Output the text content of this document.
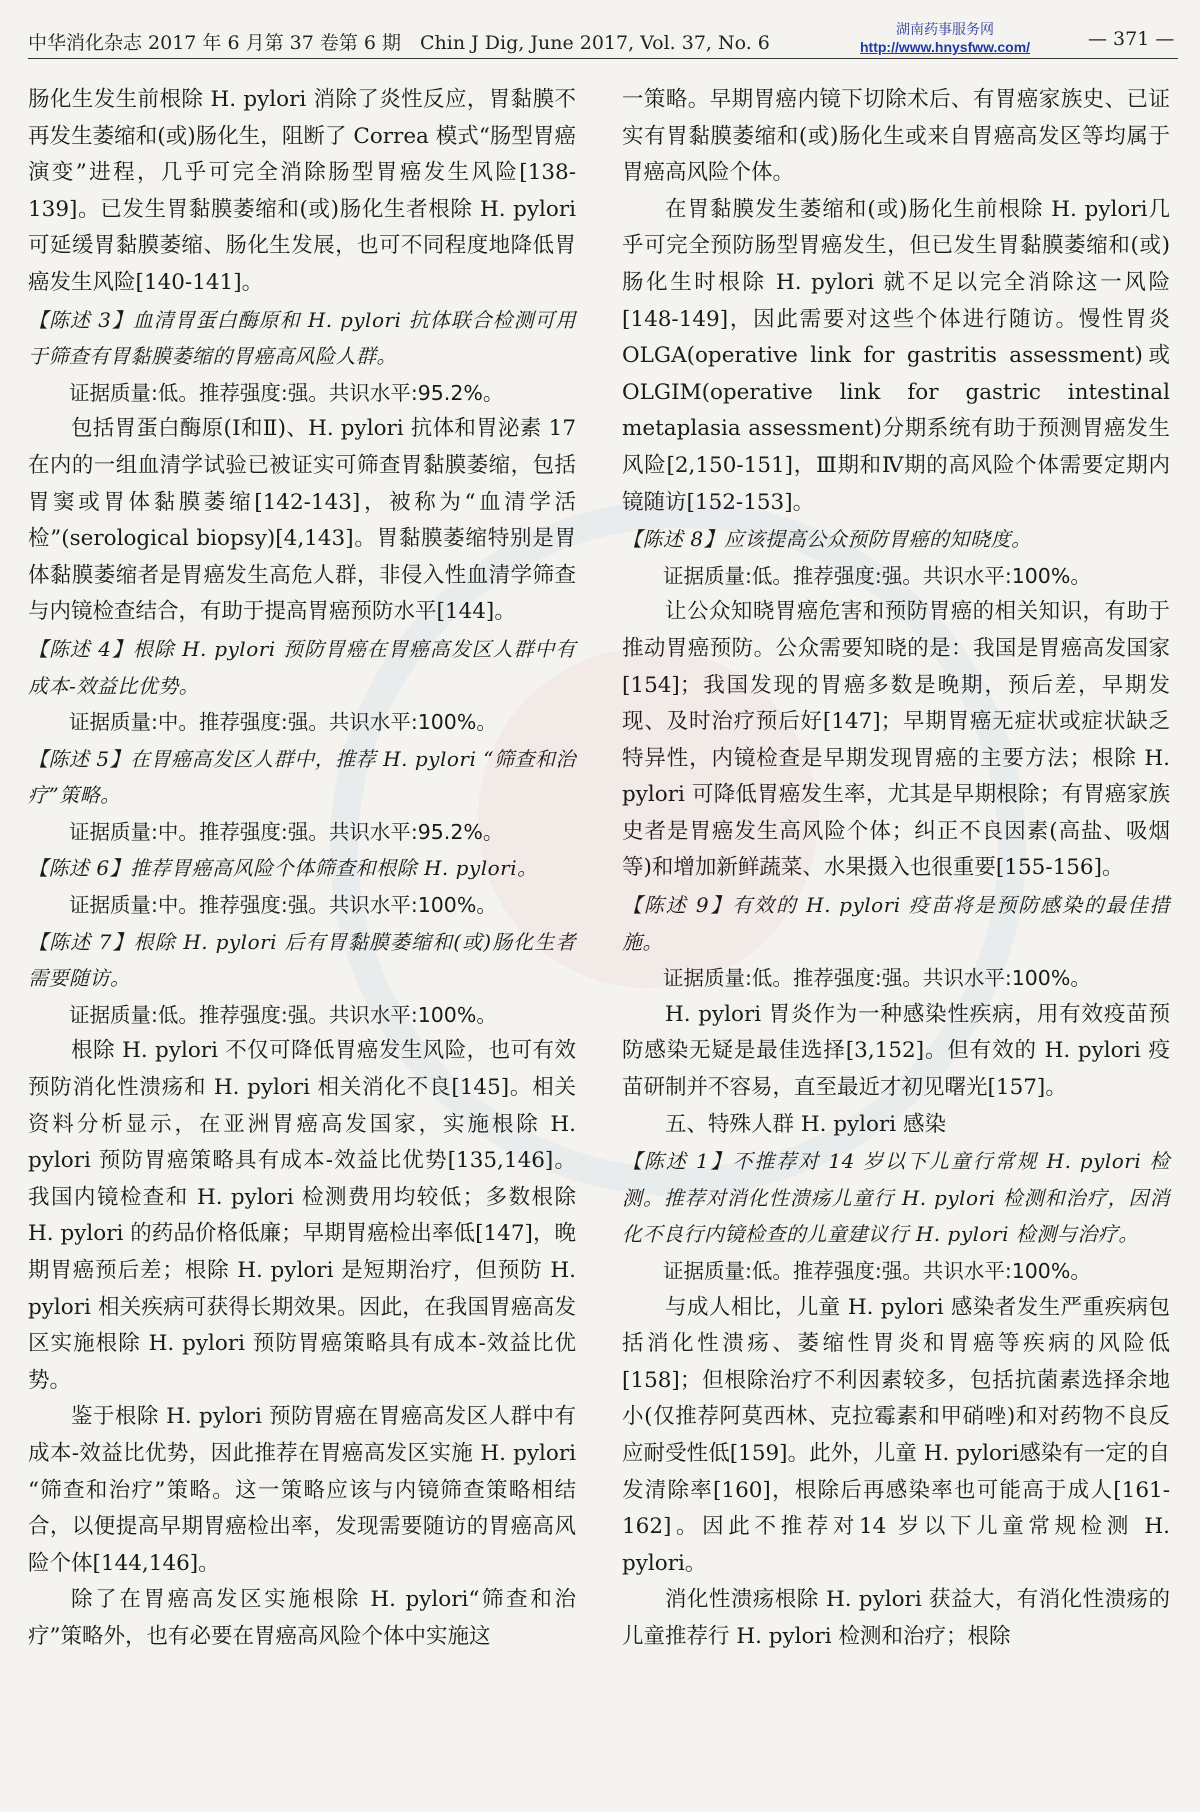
中华消化杂志 2017 年 6 月第 37 卷第 6 期　Chin J Dig, June 2017, Vol. 37, No. 6
湖南药事服务网
http://www.hnysfww.com/	— 371 —

肠化生发生前根除 H. pylori 消除了炎性反应，胃黏膜不再发生萎缩和(或)肠化生，阻断了 Correa 模式“肠型胃癌演变”进程，几乎可完全消除肠型胃癌发生风险[138-139]。已发生胃黏膜萎缩和(或)肠化生者根除 H. pylori 可延缓胃黏膜萎缩、肠化生发展，也可不同程度地降低胃癌发生风险[140-141]。

【陈述 3】血清胃蛋白酶原和 H. pylori 抗体联合检测可用于筛查有胃黏膜萎缩的胃癌高风险人群。

证据质量:低。推荐强度:强。共识水平:95.2%。

包括胃蛋白酶原(Ⅰ和Ⅱ)、H. pylori 抗体和胃泌素 17 在内的一组血清学试验已被证实可筛查胃黏膜萎缩，包括胃窦或胃体黏膜萎缩[142-143]，被称为“血清学活检”(serological biopsy)[4,143]。胃黏膜萎缩特别是胃体黏膜萎缩者是胃癌发生高危人群，非侵入性血清学筛查与内镜检查结合，有助于提高胃癌预防水平[144]。

【陈述 4】根除 H. pylori 预防胃癌在胃癌高发区人群中有成本-效益比优势。

证据质量:中。推荐强度:强。共识水平:100%。

【陈述 5】在胃癌高发区人群中，推荐 H. pylori “筛查和治疗”策略。

证据质量:中。推荐强度:强。共识水平:95.2%。

【陈述 6】推荐胃癌高风险个体筛查和根除 H. pylori。

证据质量:中。推荐强度:强。共识水平:100%。

【陈述 7】根除 H. pylori 后有胃黏膜萎缩和(或)肠化生者需要随访。

证据质量:低。推荐强度:强。共识水平:100%。

根除 H. pylori 不仅可降低胃癌发生风险，也可有效预防消化性溃疡和 H. pylori 相关消化不良[145]。相关资料分析显示，在亚洲胃癌高发国家，实施根除 H. pylori 预防胃癌策略具有成本-效益比优势[135,146]。我国内镜检查和 H. pylori 检测费用均较低；多数根除 H. pylori 的药品价格低廉；早期胃癌检出率低[147]，晚期胃癌预后差；根除 H. pylori 是短期治疗，但预防 H. pylori 相关疾病可获得长期效果。因此，在我国胃癌高发区实施根除 H. pylori 预防胃癌策略具有成本-效益比优势。

鉴于根除 H. pylori 预防胃癌在胃癌高发区人群中有成本-效益比优势，因此推荐在胃癌高发区实施 H. pylori “筛查和治疗”策略。这一策略应该与内镜筛查策略相结合，以便提高早期胃癌检出率，发现需要随访的胃癌高风险个体[144,146]。

除了在胃癌高发区实施根除 H. pylori“筛查和治疗”策略外，也有必要在胃癌高风险个体中实施这

一策略。早期胃癌内镜下切除术后、有胃癌家族史、已证实有胃黏膜萎缩和(或)肠化生或来自胃癌高发区等均属于胃癌高风险个体。

在胃黏膜发生萎缩和(或)肠化生前根除 H. pylori几乎可完全预防肠型胃癌发生，但已发生胃黏膜萎缩和(或)肠化生时根除 H. pylori 就不足以完全消除这一风险[148-149]，因此需要对这些个体进行随访。慢性胃炎 OLGA(operative link for gastritis assessment)或 OLGIM(operative link for gastric intestinal metaplasia assessment)分期系统有助于预测胃癌发生风险[2,150-151]，Ⅲ期和Ⅳ期的高风险个体需要定期内镜随访[152-153]。

【陈述 8】应该提高公众预防胃癌的知晓度。

证据质量:低。推荐强度:强。共识水平:100%。

让公众知晓胃癌危害和预防胃癌的相关知识，有助于推动胃癌预防。公众需要知晓的是：我国是胃癌高发国家[154]；我国发现的胃癌多数是晚期，预后差，早期发现、及时治疗预后好[147]；早期胃癌无症状或症状缺乏特异性，内镜检查是早期发现胃癌的主要方法；根除 H. pylori 可降低胃癌发生率，尤其是早期根除；有胃癌家族史者是胃癌发生高风险个体；纠正不良因素(高盐、吸烟等)和增加新鲜蔬菜、水果摄入也很重要[155-156]。

【陈述 9】有效的 H. pylori 疫苗将是预防感染的最佳措施。

证据质量:低。推荐强度:强。共识水平:100%。

H. pylori 胃炎作为一种感染性疾病，用有效疫苗预防感染无疑是最佳选择[3,152]。但有效的 H. pylori 疫苗研制并不容易，直至最近才初见曙光[157]。

五、特殊人群 H. pylori 感染

【陈述 1】不推荐对 14 岁以下儿童行常规 H. pylori 检测。推荐对消化性溃疡儿童行 H. pylori 检测和治疗，因消化不良行内镜检查的儿童建议行 H. pylori 检测与治疗。

证据质量:低。推荐强度:强。共识水平:100%。

与成人相比，儿童 H. pylori 感染者发生严重疾病包括消化性溃疡、萎缩性胃炎和胃癌等疾病的风险低[158]；但根除治疗不利因素较多，包括抗菌素选择余地小(仅推荐阿莫西林、克拉霉素和甲硝唑)和对药物不良反应耐受性低[159]。此外，儿童 H. pylori感染有一定的自发清除率[160]，根除后再感染率也可能高于成人[161-162]。因此不推荐对14 岁以下儿童常规检测 H. pylori。

消化性溃疡根除 H. pylori 获益大，有消化性溃疡的儿童推荐行 H. pylori 检测和治疗；根除
